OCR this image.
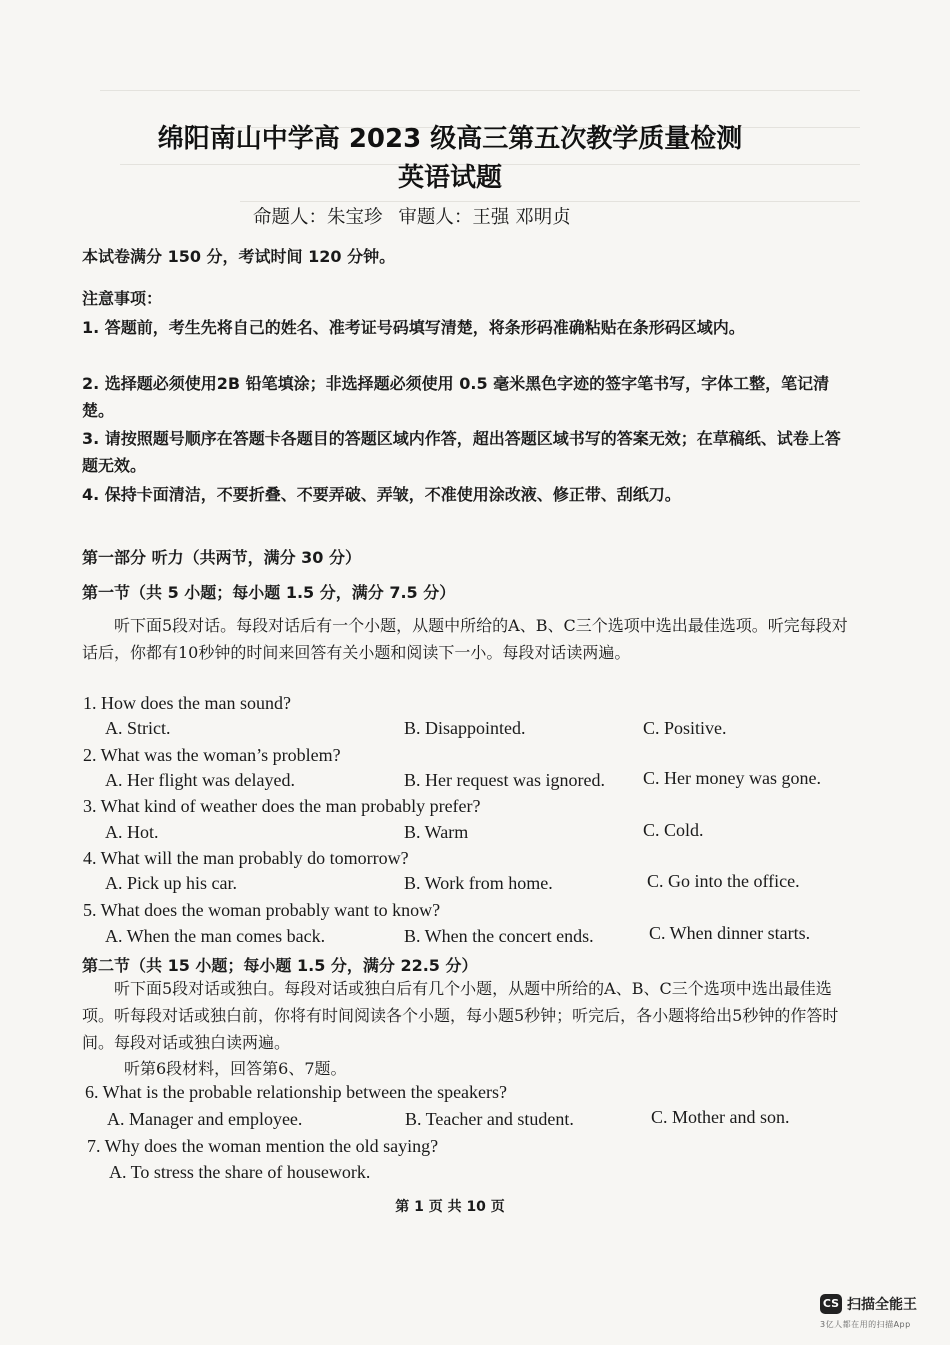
绵阳南山中学高 2023 级高三第五次教学质量检测
英语试题
命题人：朱宝珍 审题人：王强 邓明贞
本试卷满分 150 分，考试时间 120 分钟。
注意事项：
1. 答题前，考生先将自己的姓名、准考证号码填写清楚，将条形码准确粘贴在条形码区域内。
2. 选择题必须使用2B 铅笔填涂；非选择题必须使用 0.5 毫米黑色字迹的签字笔书写，字体工整，笔记清楚。
3. 请按照题号顺序在答题卡各题目的答题区域内作答，超出答题区域书写的答案无效；在草稿纸、试卷上答题无效。
4. 保持卡面清洁，不要折叠、不要弄破、弄皱，不准使用涂改液、修正带、刮纸刀。
第一部分 听力（共两节，满分 30 分）
第一节（共 5 小题；每小题 1.5 分，满分 7.5 分）
听下面5段对话。每段对话后有一个小题，从题中所给的A、B、C三个选项中选出最佳选项。听完每段对话后，你都有10秒钟的时间来回答有关小题和阅读下一小。每段对话读两遍。
1. How does the man sound?
A. Strict.	B. Disappointed.	C. Positive.
2. What was the woman’s problem?
A. Her flight was delayed.	B. Her request was ignored. C. Her money was gone.
3. What kind of weather does the man probably prefer?
A. Hot.	B. Warm	C. Cold.
4. What will the man probably do tomorrow?
A. Pick up his car.	B. Work from home.	C. Go into the office.
5. What does the woman probably want to know?
A. When the man comes back.	B. When the concert ends.	C. When dinner starts.
第二节（共 15 小题；每小题 1.5 分，满分 22.5 分）
听下面5段对话或独白。每段对话或独白后有几个小题，从题中所给的A、B、C三个选项中选出最佳选项。听每段对话或独白前，你将有时间阅读各个小题，每小题5秒钟；听完后，各小题将给出5秒钟的作答时间。每段对话或独白读两遍。
听第6段材料，回答第6、7题。
6. What is the probable relationship between the speakers?
A. Manager and employee.	B. Teacher and student.	C. Mother and son.
7. Why does the woman mention the old saying?
A. To stress the share of housework.
第 1 页 共 10 页
CS 扫描全能王
3亿人都在用的扫描App
